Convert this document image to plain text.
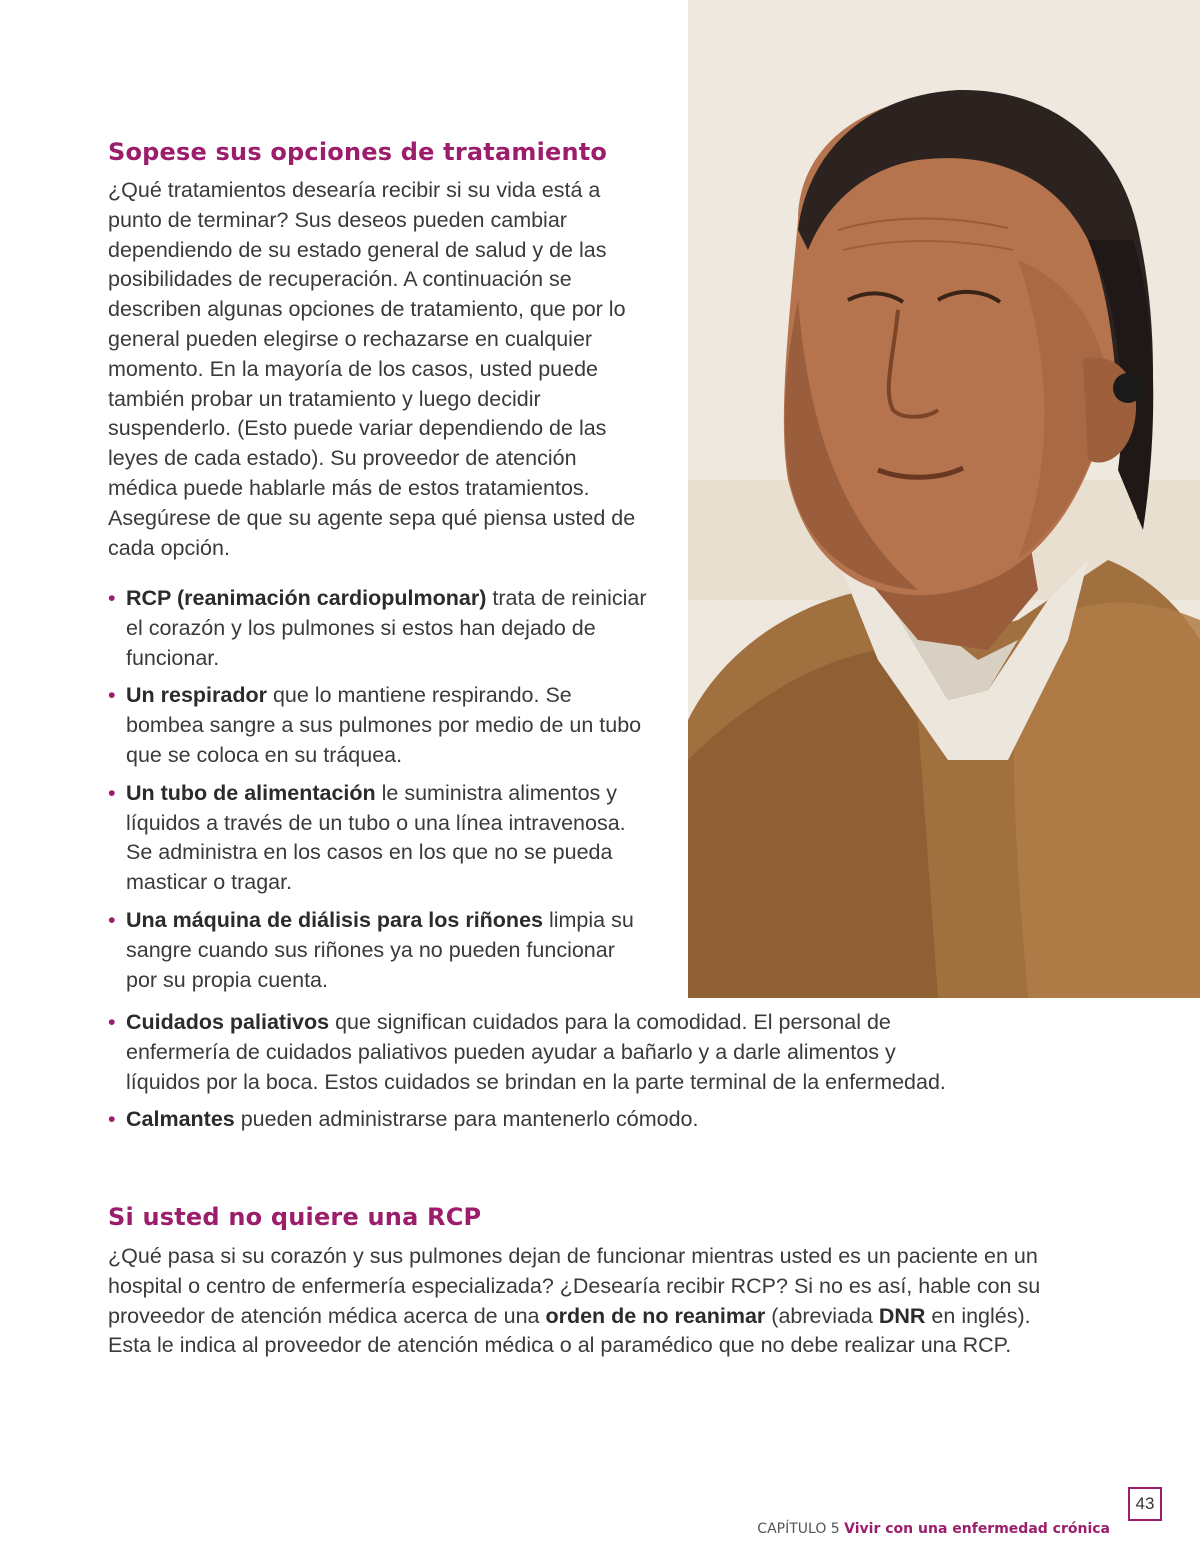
Sopese sus opciones de tratamiento

¿Qué tratamientos desearía recibir si su vida está a punto de terminar? Sus deseos pueden cambiar dependiendo de su estado general de salud y de las posibilidades de recuperación. A continuación se describen algunas opciones de tratamiento, que por lo general pueden elegirse o rechazarse en cualquier momento. En la mayoría de los casos, usted puede también probar un tratamiento y luego decidir suspenderlo. (Esto puede variar dependiendo de las leyes de cada estado). Su proveedor de atención médica puede hablarle más de estos tratamientos. Asegúrese de que su agente sepa qué piensa usted de cada opción.

• RCP (reanimación cardiopulmonar) trata de reiniciar el corazón y los pulmones si estos han dejado de funcionar.
• Un respirador que lo mantiene respirando. Se bombea sangre a sus pulmones por medio de un tubo que se coloca en su tráquea.
• Un tubo de alimentación le suministra alimentos y líquidos a través de un tubo o una línea intravenosa. Se administra en los casos en los que no se pueda masticar o tragar.
• Una máquina de diálisis para los riñones limpia su sangre cuando sus riñones ya no pueden funcionar por su propia cuenta.
• Cuidados paliativos que significan cuidados para la comodidad. El personal de enfermería de cuidados paliativos pueden ayudar a bañarlo y a darle alimentos y líquidos por la boca. Estos cuidados se brindan en la parte terminal de la enfermedad.
• Calmantes pueden administrarse para mantenerlo cómodo.
Si usted no quiere una RCP

¿Qué pasa si su corazón y sus pulmones dejan de funcionar mientras usted es un paciente en un hospital o centro de enfermería especializada? ¿Desearía recibir RCP? Si no es así, hable con su proveedor de atención médica acerca de una orden de no reanimar (abreviada DNR en inglés). Esta le indica al proveedor de atención médica o al paramédico que no debe realizar una RCP.

CAPÍTULO 5 Vivir con una enfermedad crónica
43
